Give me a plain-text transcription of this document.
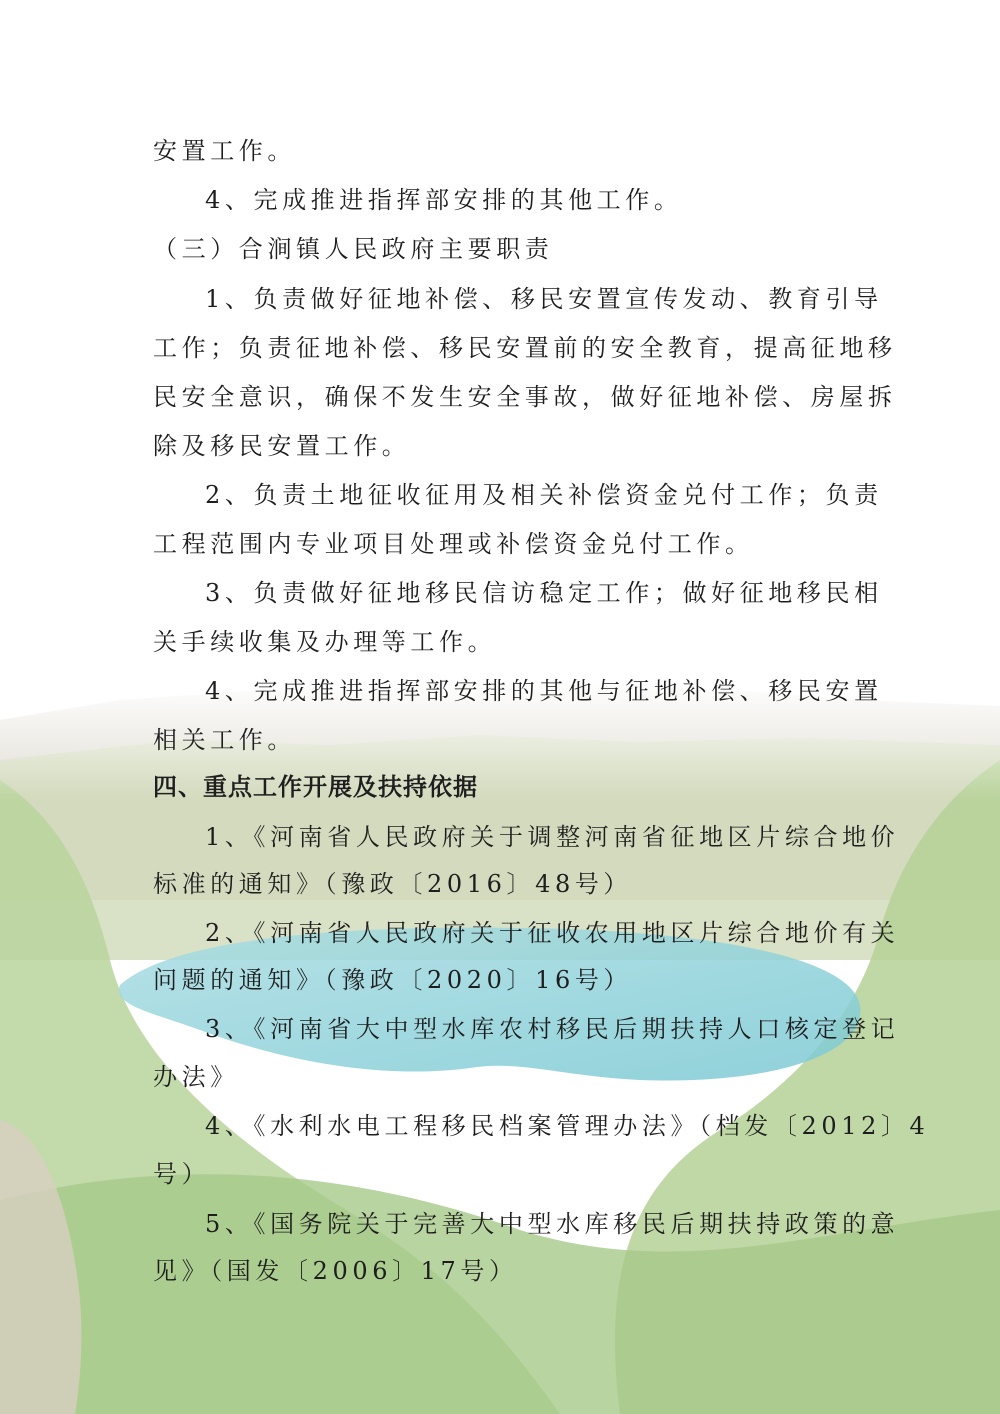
安置工作。
4、完成推进指挥部安排的其他工作。
（三）合涧镇人民政府主要职责
1、负责做好征地补偿、移民安置宣传发动、教育引导
工作；负责征地补偿、移民安置前的安全教育，提高征地移
民安全意识，确保不发生安全事故，做好征地补偿、房屋拆
除及移民安置工作。
2、负责土地征收征用及相关补偿资金兑付工作；负责
工程范围内专业项目处理或补偿资金兑付工作。
3、负责做好征地移民信访稳定工作；做好征地移民相
关手续收集及办理等工作。
4、完成推进指挥部安排的其他与征地补偿、移民安置
相关工作。
四、重点工作开展及扶持依据
1、《河南省人民政府关于调整河南省征地区片综合地价
标准的通知》（豫政〔2016〕48号）
2、《河南省人民政府关于征收农用地区片综合地价有关
问题的通知》（豫政〔2020〕16号）
3、《河南省大中型水库农村移民后期扶持人口核定登记
办法》
4、《水利水电工程移民档案管理办法》（档发〔2012〕4
号）
5、《国务院关于完善大中型水库移民后期扶持政策的意
见》（国发〔2006〕17号）
